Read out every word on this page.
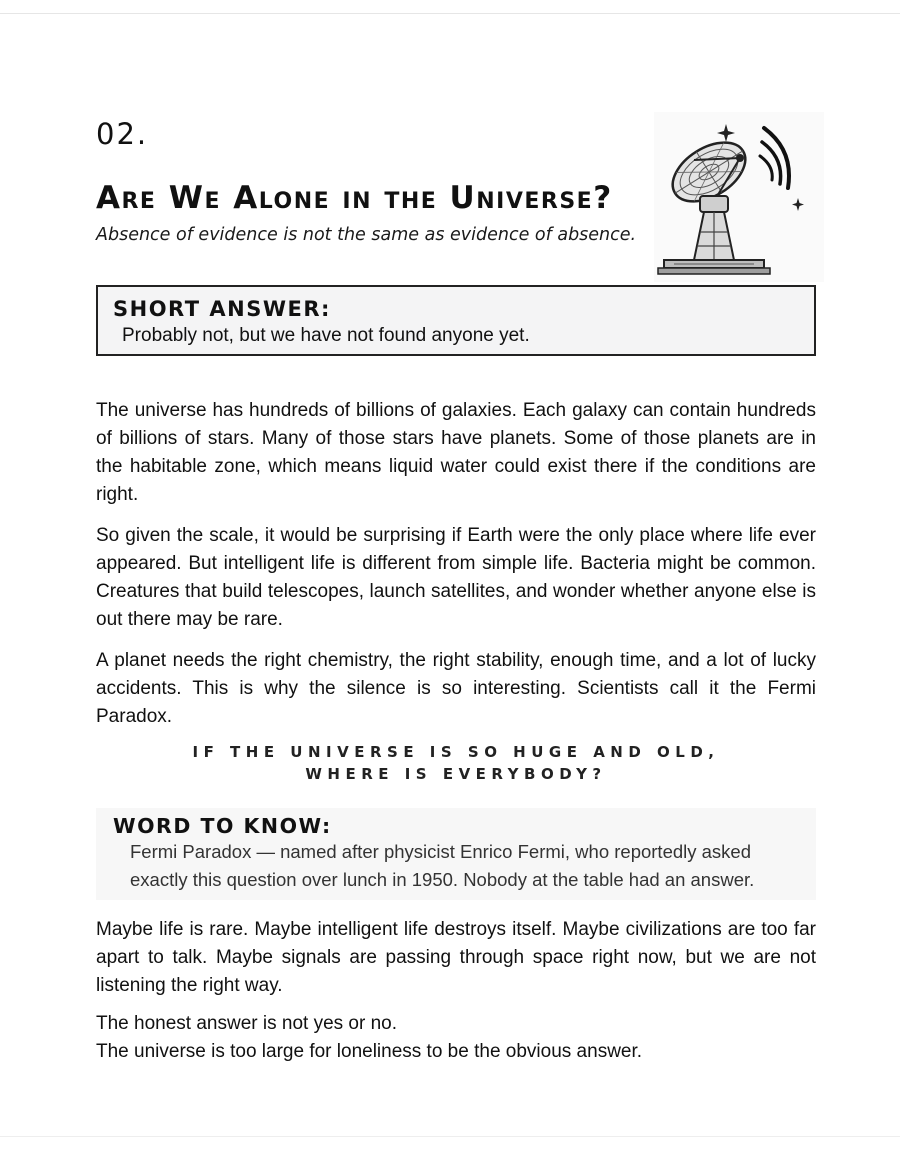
02.
Are We Alone in the Universe?
Absence of evidence is not the same as evidence of absence.
SHORT ANSWER:
Probably not, but we have not found anyone yet.

The universe has hundreds of billions of galaxies. Each galaxy can contain hundreds of billions of stars. Many of those stars have planets. Some of those planets are in the habitable zone, which means liquid water could exist there if the conditions are right.

So given the scale, it would be surprising if Earth were the only place where life ever appeared. But intelligent life is different from simple life. Bacteria might be common. Creatures that build telescopes, launch satellites, and wonder whether anyone else is out there may be rare.

A planet needs the right chemistry, the right stability, enough time, and a lot of lucky accidents. This is why the silence is so interesting. Scientists call it the Fermi Paradox.

IF THE UNIVERSE IS SO HUGE AND OLD,
WHERE IS EVERYBODY?
WORD TO KNOW:
Fermi Paradox — named after physicist Enrico Fermi, who reportedly asked
exactly this question over lunch in 1950. Nobody at the table had an answer.

Maybe life is rare. Maybe intelligent life destroys itself. Maybe civilizations are too far apart to talk. Maybe signals are passing through space right now, but we are not listening the right way.

The honest answer is not yes or no.
The universe is too large for loneliness to be the obvious answer.
